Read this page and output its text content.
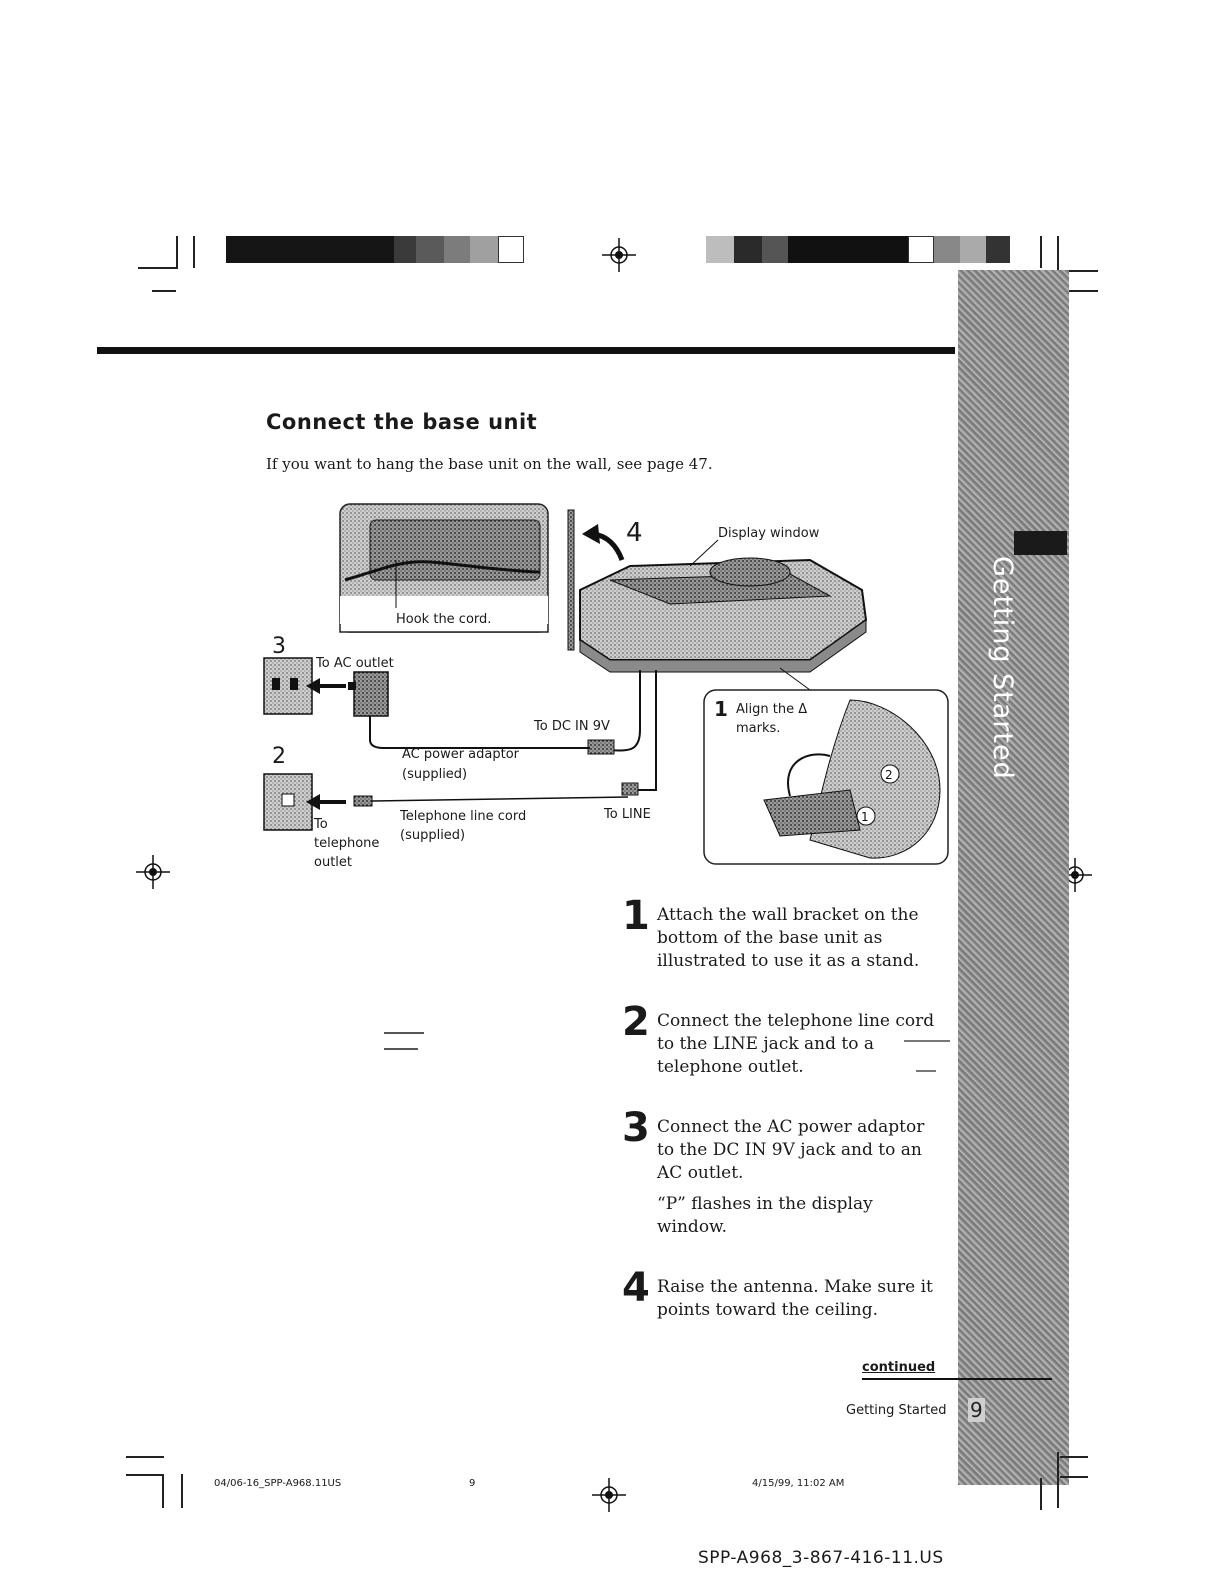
Getting Started
Connect the base unit
If you want to hang the base unit on the wall, see page 47.
2
1
4	Display window
Hook the cord.
3
To AC outlet
To DC IN 9V
2	AC power adaptor
(supplied)
Telephone line cord
(supplied)
To LINE
To
telephone
outlet
1 Align the Δ
marks.
1 Attach the wall bracket on the
bottom of the base unit as
illustrated to use it as a stand.
2 Connect the telephone line cord
to the LINE jack and to a
telephone outlet.
3 Connect the AC power adaptor
to the DC IN 9V jack and to an
AC outlet.
“P” flashes in the display
window.
4 Raise the antenna. Make sure it
points toward the ceiling.
continued
Getting Started 9
04/06-16_SPP-A968.11US	9	4/15/99, 11:02 AM
SPP-A968_3-867-416-11.US
